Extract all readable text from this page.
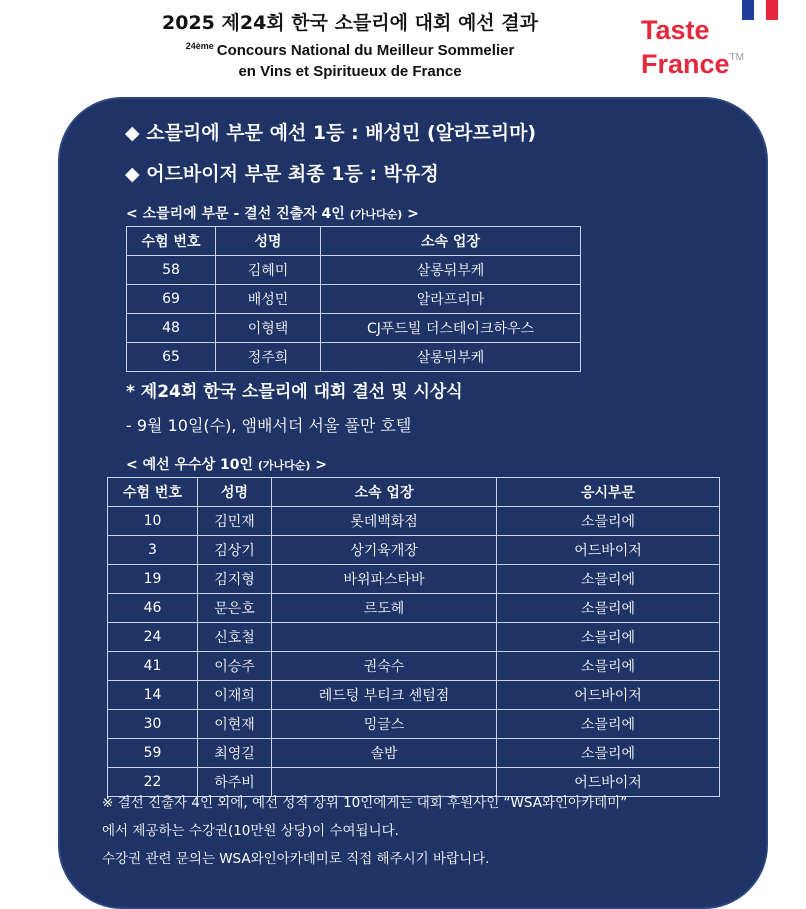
2025 제24회 한국 소믈리에 대회 예선 결과
$^{24ème}$ Concours National du Meilleur Sommelier
en Vins et Spiritueux de France
Taste
France™
◆ 소믈리에 부문 예선 1등 : 배성민 (알라프리마)
◆ 어드바이저 부문 최종 1등 : 박유정
< 소믈리에 부문 - 결선 진출자 4인 (가나다순) >
수험 번호	성명	소속 업장
58	김혜미	살롱뒤부케
69	배성민	알라프리마
48	이형택	CJ푸드빌 더스테이크하우스
65	정주희	살롱뒤부케
* 제24회 한국 소믈리에 대회 결선 및 시상식
- 9월 10일(수), 앰배서더 서울 풀만 호텔
< 예선 우수상 10인 (가나다순) >
수험 번호	성명	소속 업장	응시부문
10	김민재	롯데백화점	소믈리에
3	김상기	상기육개장	어드바이저
19	김지형	바위파스타바	소믈리에
46	문은호	르도헤	소믈리에
24	신호철		소믈리에
41	이승주	권숙수	소믈리에
14	이재희	레드텅 부티크 센텀점	어드바이저
30	이현재	밍글스	소믈리에
59	최영길	솔밤	소믈리에
22	하주비		어드바이저
※ 결선 진출자 4인 외에, 예선 성적 상위 10인에게는 대회 후원사인 “WSA와인아카데미”
에서 제공하는 수강권(10만원 상당)이 수여됩니다.
수강권 관련 문의는 WSA와인아카데미로 직접 해주시기 바랍니다.
